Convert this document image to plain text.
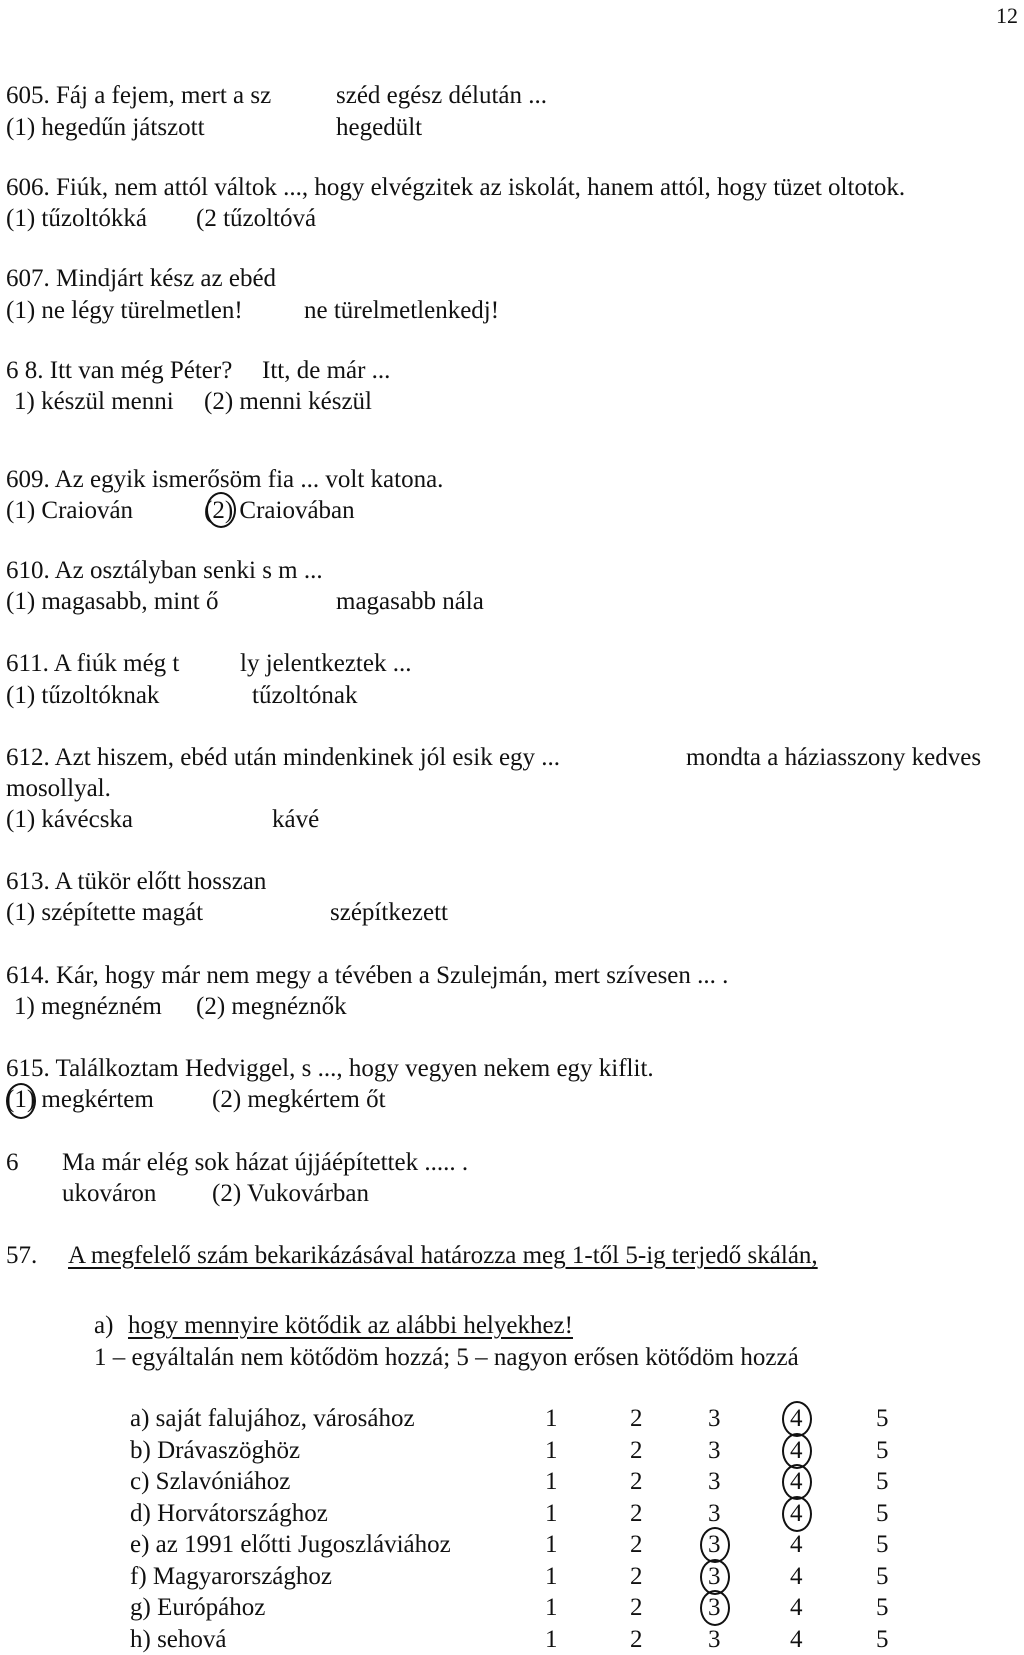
12
605. Fáj a fejem, mert a sz	széd egész délután ...
(1) hegedűn játszott	hegedült
606. Fiúk, nem attól váltok ..., hogy elvégzitek az iskolát, hanem attól, hogy tüzet oltotok.
(1) tűzoltókká (2 tűzoltóvá
607. Mindjárt kész az ebéd
(1) ne légy türelmetlen! ne türelmetlenkedj!
6 8. Itt van még Péter? Itt, de már ...
1) készül menni (2) menni készül
609. Az egyik ismerősöm fia ... volt katona.
(1) Craiován	(2) Craiovában
610. Az osztályban senki s m ...
(1) magasabb, mint ő	magasabb nála
611. A fiúk még t ly jelentkeztek ...
(1) tűzoltóknak	tűzoltónak
612. Azt hiszem, ebéd után mindenkinek jól esik egy ...	mondta a háziasszony kedves
mosollyal.
(1) kávécska	kávé
613. A tükör előtt hosszan
(1) szépítette magát	szépítkezett
614. Kár, hogy már nem megy a tévében a Szulejmán, mert szívesen ... .
1) megnézném (2) megnéznők
615. Találkoztam Hedviggel, s ..., hogy vegyen nekem egy kiflit.
(1) megkértem (2) megkértem őt
6 Ma már elég sok házat újjáépítettek ..... .
ukováron (2) Vukovárban
57. A megfelelő szám bekarikázásával határozza meg 1-től 5-ig terjedő skálán,
a) hogy mennyire kötődik az alábbi helyekhez!
1 – egyáltalán nem kötődöm hozzá; 5 – nagyon erősen kötődöm hozzá
a) saját falujához, városához	1	2	3	4	5
b) Drávaszöghöz	1	2	3	4	5
c) Szlavóniához	1	2	3	4	5
d) Horvátországhoz	1	2	3	4	5
e) az 1991 előtti Jugoszláviához	1	2	3	4	5
f) Magyarországhoz	1	2	3	4	5
g) Európához	1	2	3	4	5
h) sehová	1	2	3	4	5
